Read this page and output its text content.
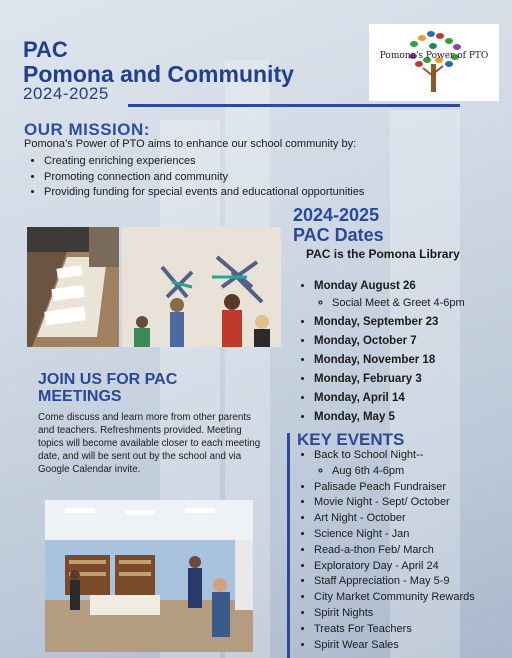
PAC
Pomona and Community
2024-2025
Pomona's Power of PTO
OUR MISSION:
Pomona’s Power of PTO aims to enhance our school community by:
• Creating enriching experiences
• Promoting connection and community
• Providing funding for special events and educational opportunities
2024-2025
PAC Dates
PAC is the Pomona Library
• Monday August 26
◦ Social Meet & Greet 4-6pm
• Monday, September 23
• Monday, October 7
• Monday, November 18
• Monday, February 3
• Monday, April 14
• Monday, May 5
JOIN US FOR PAC
MEETINGS
Come discuss and learn more from other parents and teachers. Refreshments provided. Meeting topics will become available closer to each meeting date, and will be sent out by the school and via Google Calendar invite.
KEY EVENTS
• Back to School Night--
◦ Aug 6th 4-6pm
• Palisade Peach Fundraiser
• Movie Night - Sept/ October
• Art Night - October
• Science Night - Jan
• Read-a-thon Feb/ March
• Exploratory Day - April 24
• Staff Appreciation - May 5-9
• City Market Community Rewards
• Spirit Nights
• Treats For Teachers
• Spirit Wear Sales
